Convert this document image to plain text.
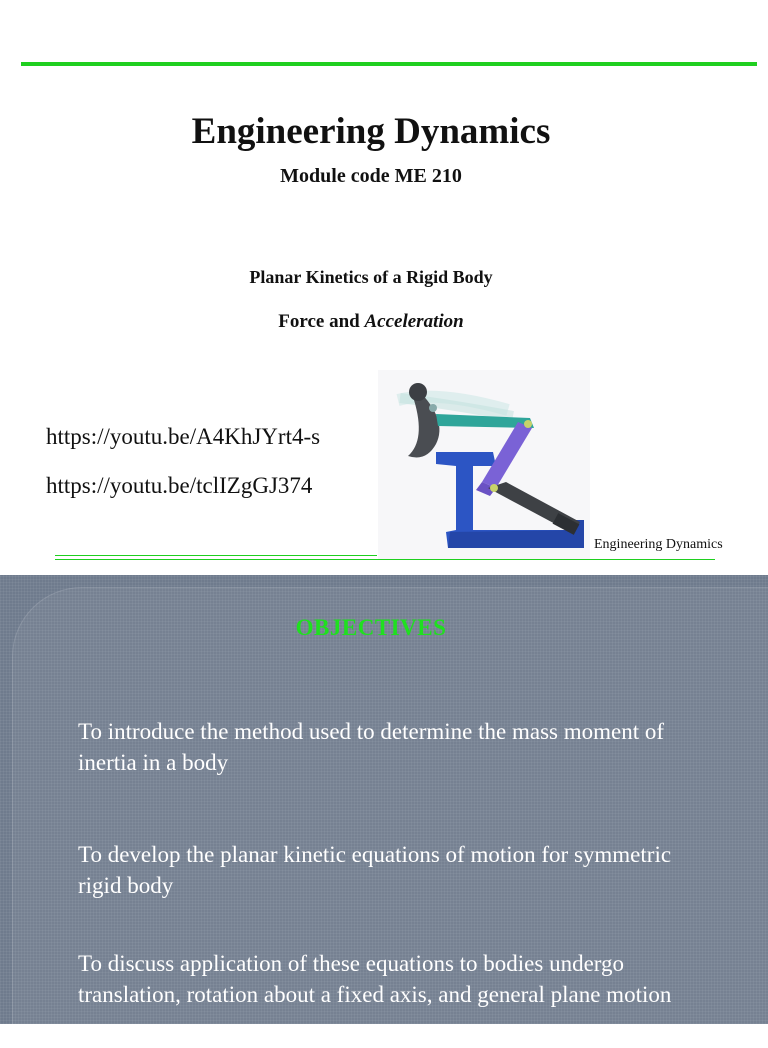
Engineering Dynamics
Module code ME 210
Planar Kinetics of a Rigid Body
Force and Acceleration
https://youtu.be/A4KhJYrt4-s
https://youtu.be/tclIZgGJ374
Engineering Dynamics
OBJECTIVES
To introduce the method used to determine the mass moment of inertia in a body
To develop the planar kinetic equations of motion for symmetric rigid body
To discuss application of these equations to bodies undergo translation, rotation about a fixed axis, and general plane motion
